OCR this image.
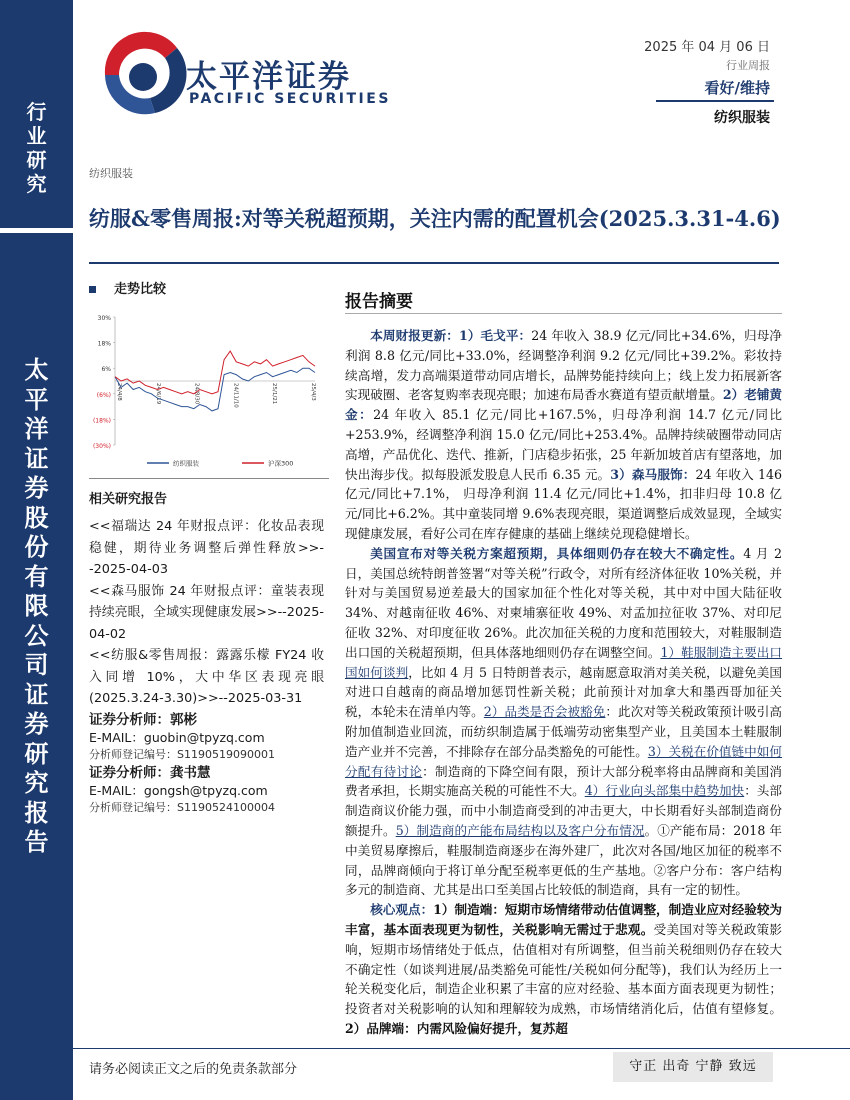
行
业
研
究
太
平
洋
证
券
股
份
有
限
公
司
证
券
研
究
报
告
太平洋证券
PACIFIC SECURITIES
2025 年 04 月 06 日
行业周报
看好/维持
纺织服装
纺织服装
纺服&零售周报:对等关税超预期，关注内需的配置机会(2025.3.31-4.6)
走势比较
30%
18%
6%
(6%)
(18%)
(30%)
24/4/8	24/6/19	24/8/30	24/11/10	25/1/21	25/4/3
纺织服装	沪深300
相关研究报告

<<福瑞达 24 年财报点评：化妆品表现稳健，期待业务调整后弹性释放>>--2025-04-03

<<森马服饰 24 年财报点评：童装表现持续亮眼，全域实现健康发展>>--2025-04-02

<<纺服&零售周报：露露乐檬 FY24 收入同增 10%，大中华区表现亮眼(2025.3.24-3.30)>>--2025-03-31

证券分析师：郭彬
E-MAIL：guobin@tpyzq.com
分析师登记编号：S1190519090001
证券分析师：龚书慧
E-MAIL：gongsh@tpyzq.com
分析师登记编号：S1190524100004
报告摘要

本周财报更新：1）毛戈平：24 年收入 38.9 亿元/同比+34.6%，归母净利润 8.8 亿元/同比+33.0%，经调整净利润 9.2 亿元/同比+39.2%。彩妆持续高增，发力高端渠道带动同店增长，品牌势能持续向上；线上发力拓展新客实现破圈、老客复购率表现亮眼；加速布局香水赛道有望贡献增量。2）老铺黄金：24 年收入 85.1 亿元/同比+167.5%，归母净利润 14.7 亿元/同比+253.9%，经调整净利润 15.0 亿元/同比+253.4%。品牌持续破圈带动同店高增，产品优化、迭代、推新，门店稳步拓张，25 年新加坡首店有望落地，加快出海步伐。拟每股派发股息人民币 6.35 元。3）森马服饰：24 年收入 146 亿元/同比+7.1%， 归母净利润 11.4 亿元/同比+1.4%，扣非归母 10.8 亿元/同比+6.2%。其中童装同增 9.6%表现亮眼，渠道调整后成效显现，全域实现健康发展，看好公司在库存健康的基础上继续兑现稳健增长。

美国宣布对等关税方案超预期，具体细则仍存在较大不确定性。4 月 2 日，美国总统特朗普签署“对等关税”行政令，对所有经济体征收 10%关税，并针对与美国贸易逆差最大的国家加征个性化对等关税，其中对中国大陆征收 34%、对越南征收 46%、对柬埔寨征收 49%、对孟加拉征收 37%、对印尼征收 32%、对印度征收 26%。此次加征关税的力度和范围较大，对鞋服制造出口国的关税超预期，但具体落地细则仍存在调整空间。1）鞋服制造主要出口国如何谈判，比如 4 月 5 日特朗普表示，越南愿意取消对美关税，以避免美国对进口自越南的商品增加惩罚性新关税；此前预计对加拿大和墨西哥加征关税，本轮未在清单内等。2）品类是否会被豁免：此次对等关税政策预计吸引高附加值制造业回流，而纺织制造属于低端劳动密集型产业，且美国本土鞋服制造产业并不完善，不排除存在部分品类豁免的可能性。3）关税在价值链中如何分配有待讨论：制造商的下降空间有限，预计大部分税率将由品牌商和美国消费者承担，长期实施高关税的可能性不大。4）行业向头部集中趋势加快：头部制造商议价能力强，而中小制造商受到的冲击更大，中长期看好头部制造商份额提升。5）制造商的产能布局结构以及客户分布情况。①产能布局：2018 年中美贸易摩擦后，鞋服制造商逐步在海外建厂，此次对各国/地区加征的税率不同，品牌商倾向于将订单分配至税率更低的生产基地。②客户分布：客户结构多元的制造商、尤其是出口至美国占比较低的制造商，具有一定的韧性。

核心观点：1）制造端：短期市场情绪带动估值调整，制造业应对经验较为丰富，基本面表现更为韧性，关税影响无需过于悲观。受美国对等关税政策影响，短期市场情绪处于低点，估值相对有所调整，但当前关税细则仍存在较大不确定性（如谈判进展/品类豁免可能性/关税如何分配等)，我们认为经历上一轮关税变化后，制造企业积累了丰富的应对经验、基本面方面表现更为韧性；投资者对关税影响的认知和理解较为成熟，市场情绪消化后，估值有望修复。2）品牌端：内需风险偏好提升，复苏超

请务必阅读正文之后的免责条款部分	守正 出奇 宁静 致远
